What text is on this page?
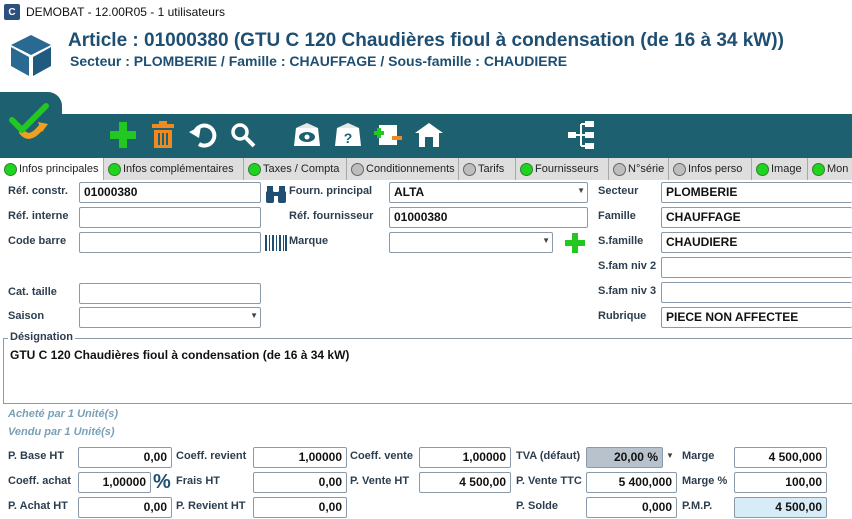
C DEMOBAT - 12.00R05 - 1 utilisateurs
Article : 01000380 (GTU C 120 Chaudières fioul à condensation (de 16 à 34 kW))
Secteur : PLOMBERIE / Famille : CHAUFFAGE / Sous-famille : CHAUDIERE
?
Infos principales Infos complémentaires	Taxes / Compta Conditionnements Tarifs	Fournisseurs	N°série Infos perso	Image Mon
Réf. constr.	01000380
Réf. interne
Code barre
Cat. taille
Saison	▼
Fourn. principal	ALTA	▼
Réf. fournisseur	01000380
Marque	▼
Secteur	PLOMBERIE
Famille	CHAUFFAGE
S.famille	CHAUDIERE
S.fam niv 2
S.fam niv 3
Rubrique	PIECE NON AFFECTEE
Désignation
GTU C 120 Chaudières fioul à condensation (de 16 à 34 kW)
Acheté par 1 Unité(s)
Vendu par 1 Unité(s)
P. Base HT	0,00
Coeff. achat	1,00000 %
P. Achat HT	0,00
Coeff. revient	1,00000
Frais HT	0,00
P. Revient HT	0,00
Coeff. vente	1,00000
P. Vente HT	4 500,00
TVA (défaut)	20,00 %	▼
P. Vente TTC	5 400,000
P. Solde	0,000
Marge	4 500,000
Marge %	100,00
P.M.P.	4 500,00
